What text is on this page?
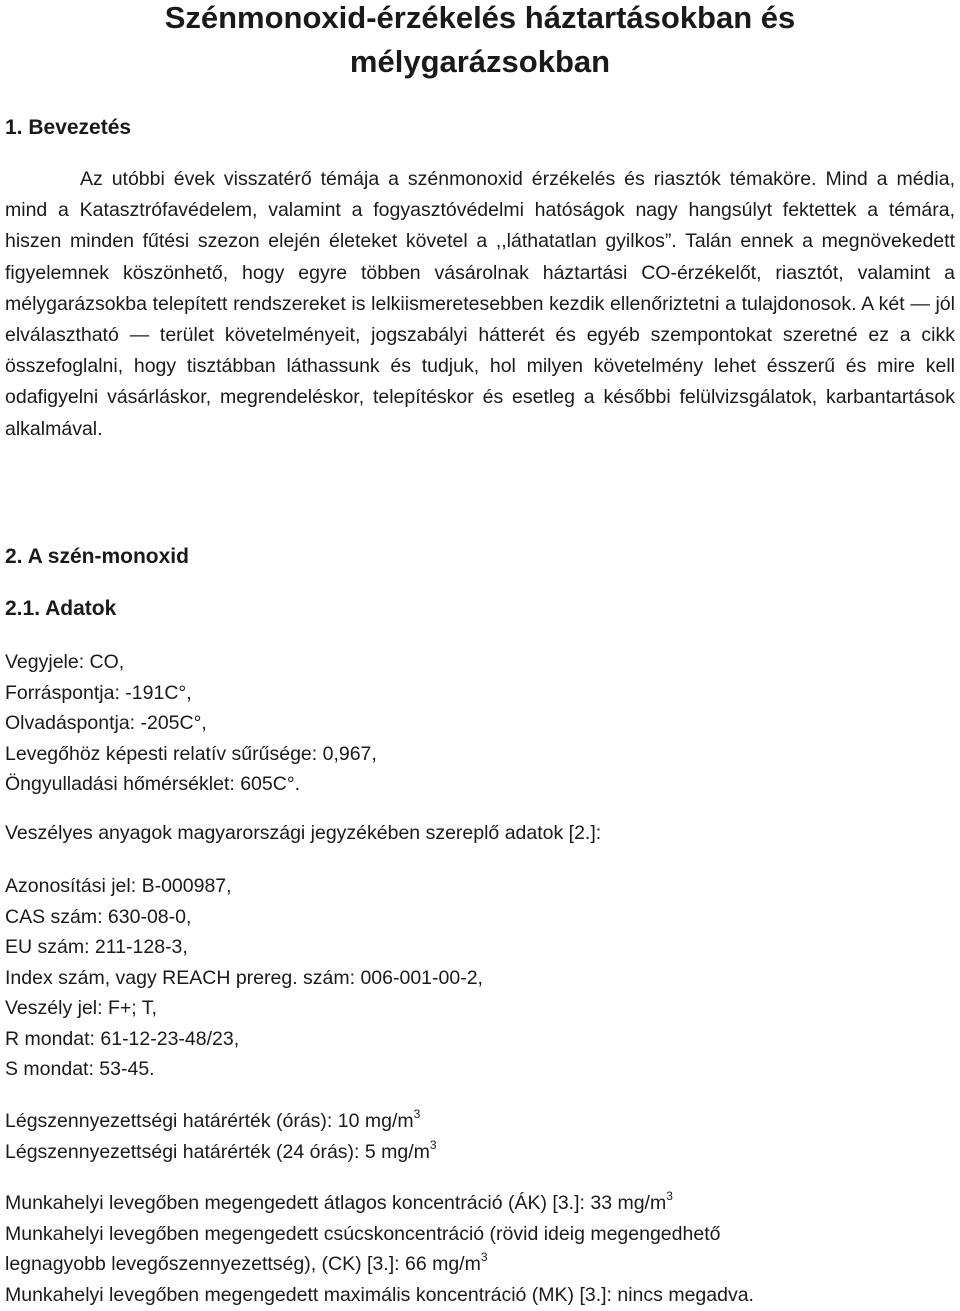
Szénmonoxid-érzékelés háztartásokban és
mélygarázsokban
1. Bevezetés

Az utóbbi évek visszatérő témája a szénmonoxid érzékelés és riasztók témaköre. Mind a média, mind a Katasztrófavédelem, valamint a fogyasztóvédelmi hatóságok nagy hangsúlyt fektettek a témára, hiszen minden fűtési szezon elején életeket követel a ,,láthatatlan gyilkos”. Talán ennek a megnövekedett figyelemnek köszönhető, hogy egyre többen vásárolnak háztartási CO-érzékelőt, riasztót, valamint a mélygarázsokba telepített rendszereket is lelkiismeretesebben kezdik ellenőriztetni a tulajdonosok. A két — jól elválasztható — terület követelményeit, jogszabályi hátterét és egyéb szempontokat szeretné ez a cikk összefoglalni, hogy tisztábban láthassunk és tudjuk, hol milyen követelmény lehet ésszerű és mire kell odafigyelni vásárláskor, megrendeléskor, telepítéskor és esetleg a későbbi felülvizsgálatok, karbantartások alkalmával.

2. A szén-monoxid
2.1. Adatok
Vegyjele: CO,
Forráspontja: -191C°,
Olvadáspontja: -205C°,
Levegőhöz képesti relatív sűrűsége: 0,967,
Öngyulladási hőmérséklet: 605C°.
Veszélyes anyagok magyarországi jegyzékében szereplő adatok [2.]:
Azonosítási jel: B-000987,
CAS szám: 630-08-0,
EU szám: 211-128-3,
Index szám, vagy REACH prereg. szám: 006-001-00-2,
Veszély jel: F+; T,
R mondat: 61-12-23-48/23,
S mondat: 53-45.
Légszennyezettségi határérték (órás): 10 $mg/m^3$
Légszennyezettségi határérték (24 órás): 5 $mg/m^3$
Munkahelyi levegőben megengedett átlagos koncentráció (ÁK) [3.]: 33 $mg/m^3$
Munkahelyi levegőben megengedett csúcskoncentráció (rövid ideig megengedhető
legnagyobb levegőszennyezettség), (CK) [3.]: 66 $mg/m^3$
Munkahelyi levegőben megengedett maximális koncentráció (MK) [3.]: nincs megadva.
